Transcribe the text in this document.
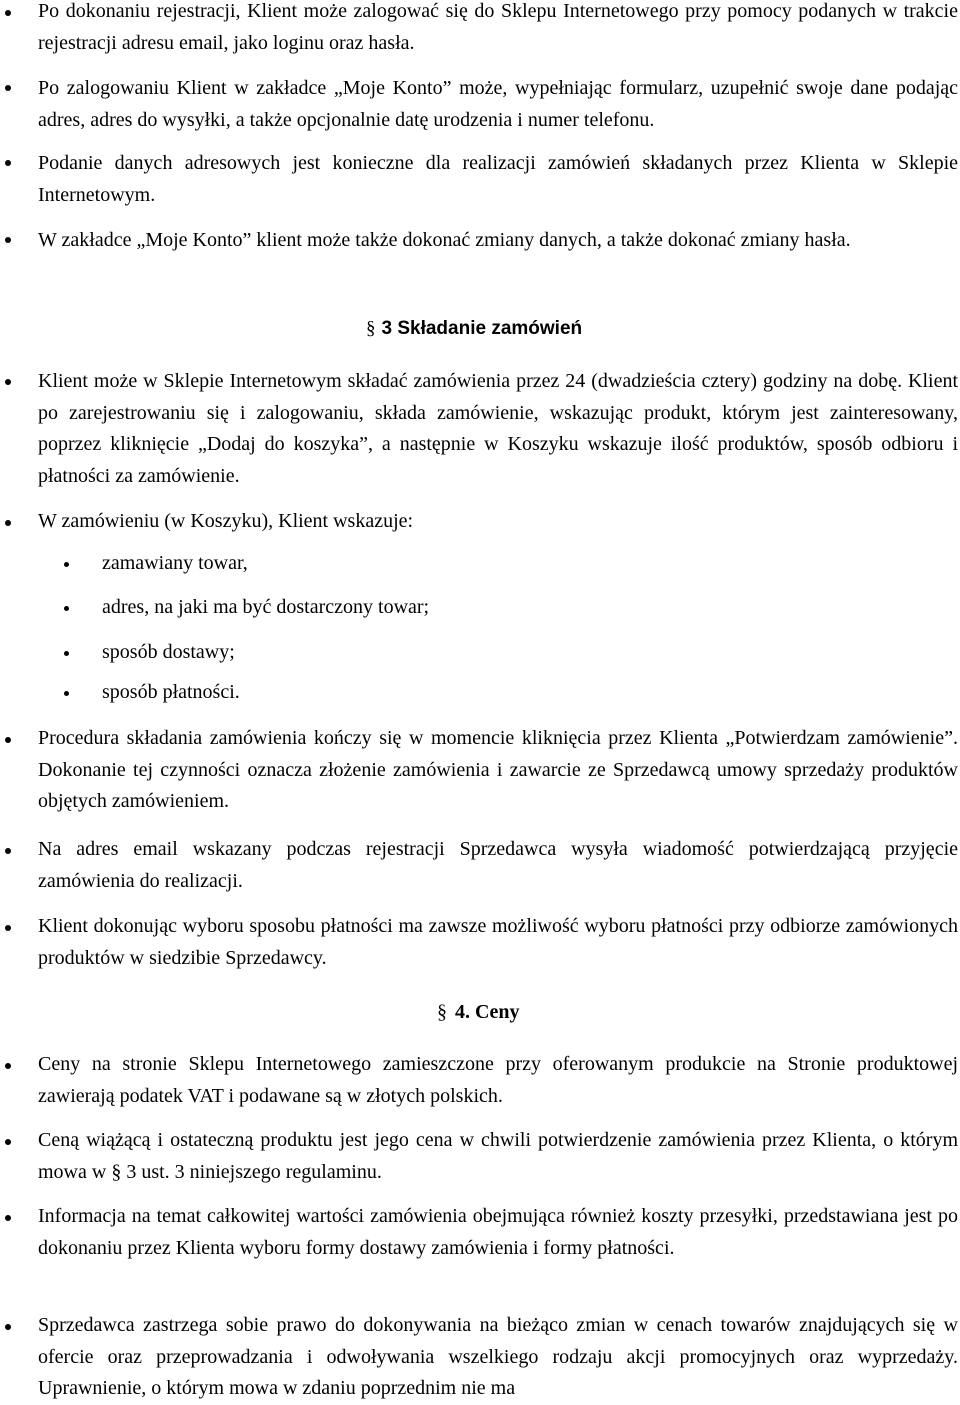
Po dokonaniu rejestracji, Klient może zalogować się do Sklepu Internetowego przy pomocy podanych w trakcie rejestracji adresu email, jako loginu oraz hasła.
Po zalogowaniu Klient w zakładce „Moje Konto” może, wypełniając formularz, uzupełnić swoje dane podając adres, adres do wysyłki, a także opcjonalnie datę urodzenia i numer telefonu.
Podanie danych adresowych jest konieczne dla realizacji zamówień składanych przez Klienta w Sklepie Internetowym.
W zakładce „Moje Konto” klient może także dokonać zmiany danych, a także dokonać zmiany hasła.
§ 3 Składanie zamówień
Klient może w Sklepie Internetowym składać zamówienia przez 24 (dwadzieścia cztery) godziny na dobę. Klient po zarejestrowaniu się i zalogowaniu, składa zamówienie, wskazując produkt, którym jest zainteresowany, poprzez kliknięcie „Dodaj do koszyka”, a następnie w Koszyku wskazuje ilość produktów, sposób odbioru i płatności za zamówienie.
W zamówieniu (w Koszyku), Klient wskazuje:
zamawiany towar,
adres, na jaki ma być dostarczony towar;
sposób dostawy;
sposób płatności.
Procedura składania zamówienia kończy się w momencie kliknięcia przez Klienta „Potwierdzam zamówienie”. Dokonanie tej czynności oznacza złożenie zamówienia i zawarcie ze Sprzedawcą umowy sprzedaży produktów objętych zamówieniem.
Na adres email wskazany podczas rejestracji Sprzedawca wysyła wiadomość potwierdzającą przyjęcie zamówienia do realizacji.
Klient dokonując wyboru sposobu płatności ma zawsze możliwość wyboru płatności przy odbiorze zamówionych produktów w siedzibie Sprzedawcy.
§ 4. Ceny
Ceny na stronie Sklepu Internetowego zamieszczone przy oferowanym produkcie na Stronie produktowej zawierają podatek VAT i podawane są w złotych polskich.
Ceną wiążącą i ostateczną produktu jest jego cena w chwili potwierdzenie zamówienia przez Klienta, o którym mowa w § 3 ust. 3 niniejszego regulaminu.
Informacja na temat całkowitej wartości zamówienia obejmująca również koszty przesyłki, przedstawiana jest po dokonaniu przez Klienta wyboru formy dostawy zamówienia i formy płatności.
Sprzedawca zastrzega sobie prawo do dokonywania na bieżąco zmian w cenach towarów znajdujących się w ofercie oraz przeprowadzania i odwoływania wszelkiego rodzaju akcji promocyjnych oraz wyprzedaży. Uprawnienie, o którym mowa w zdaniu poprzednim nie ma
